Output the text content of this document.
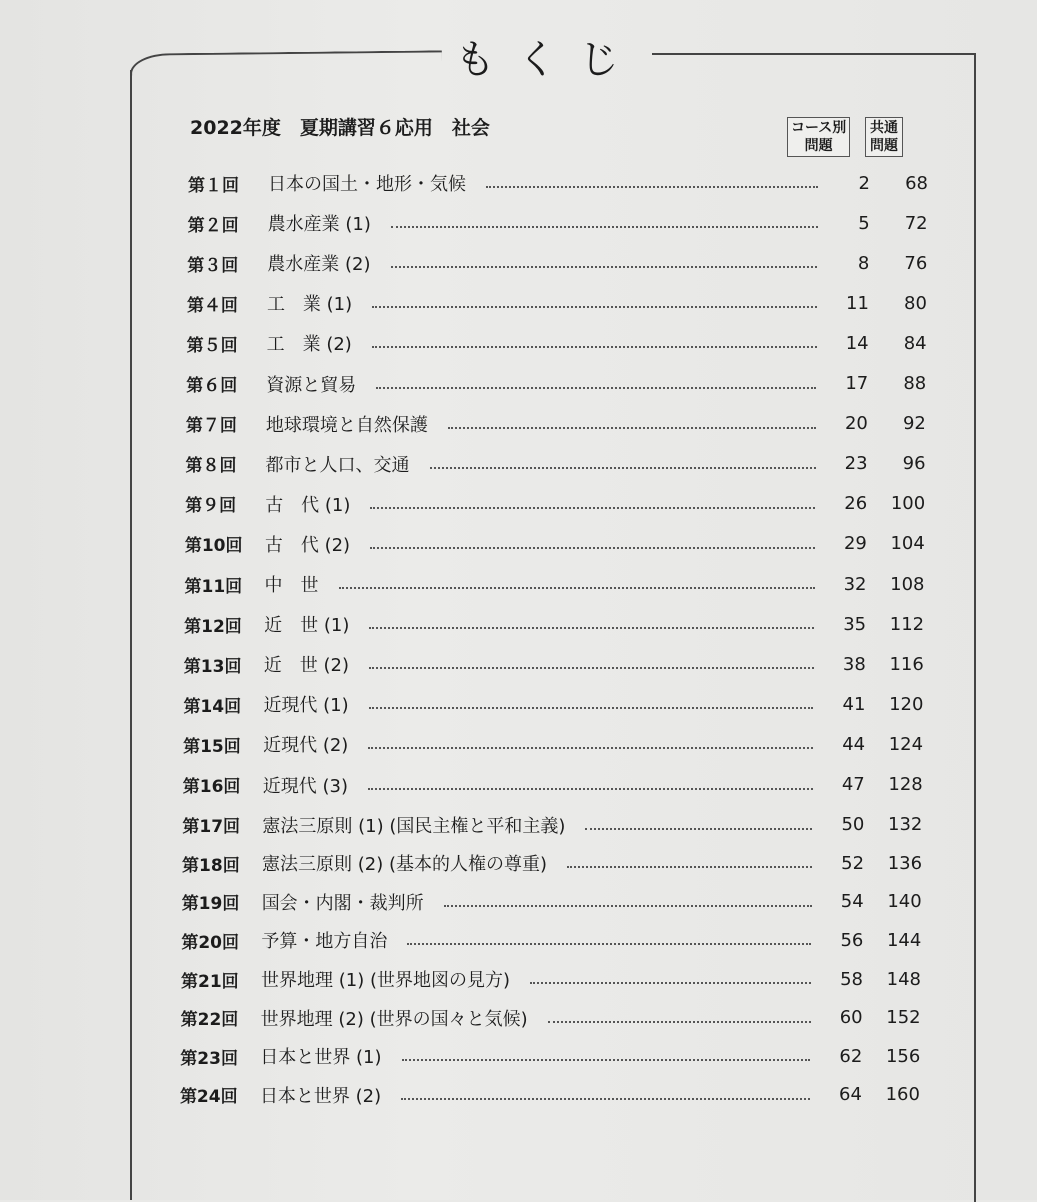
もくじ
2022年度　夏期講習６応用　社会	コース別
問題
共通問題
第１回	日本の国土・地形・気候	2	68
第２回	農水産業 (1)	5	72
第３回	農水産業 (2)	8	76
第４回	工　業 (1)	11	80
第５回	工　業 (2)	14	84
第６回	資源と貿易	17	88
第７回	地球環境と自然保護	20	92
第８回	都市と人口、交通	23	96
第９回	古　代 (1)	26	100
第10回	古　代 (2)	29	104
第11回	中　世	32	108
第12回	近　世 (1)	35	112
第13回	近　世 (2)	38	116
第14回	近現代 (1)	41	120
第15回	近現代 (2)	44	124
第16回	近現代 (3)	47	128
第17回	憲法三原則 (1) (国民主権と平和主義)	50	132
第18回	憲法三原則 (2) (基本的人権の尊重)	52	136
第19回	国会・内閣・裁判所	54	140
第20回	予算・地方自治	56	144
第21回	世界地理 (1) (世界地図の見方)	58	148
第22回	世界地理 (2) (世界の国々と気候)	60	152
第23回	日本と世界 (1)	62	156
第24回	日本と世界 (2)	64	160
